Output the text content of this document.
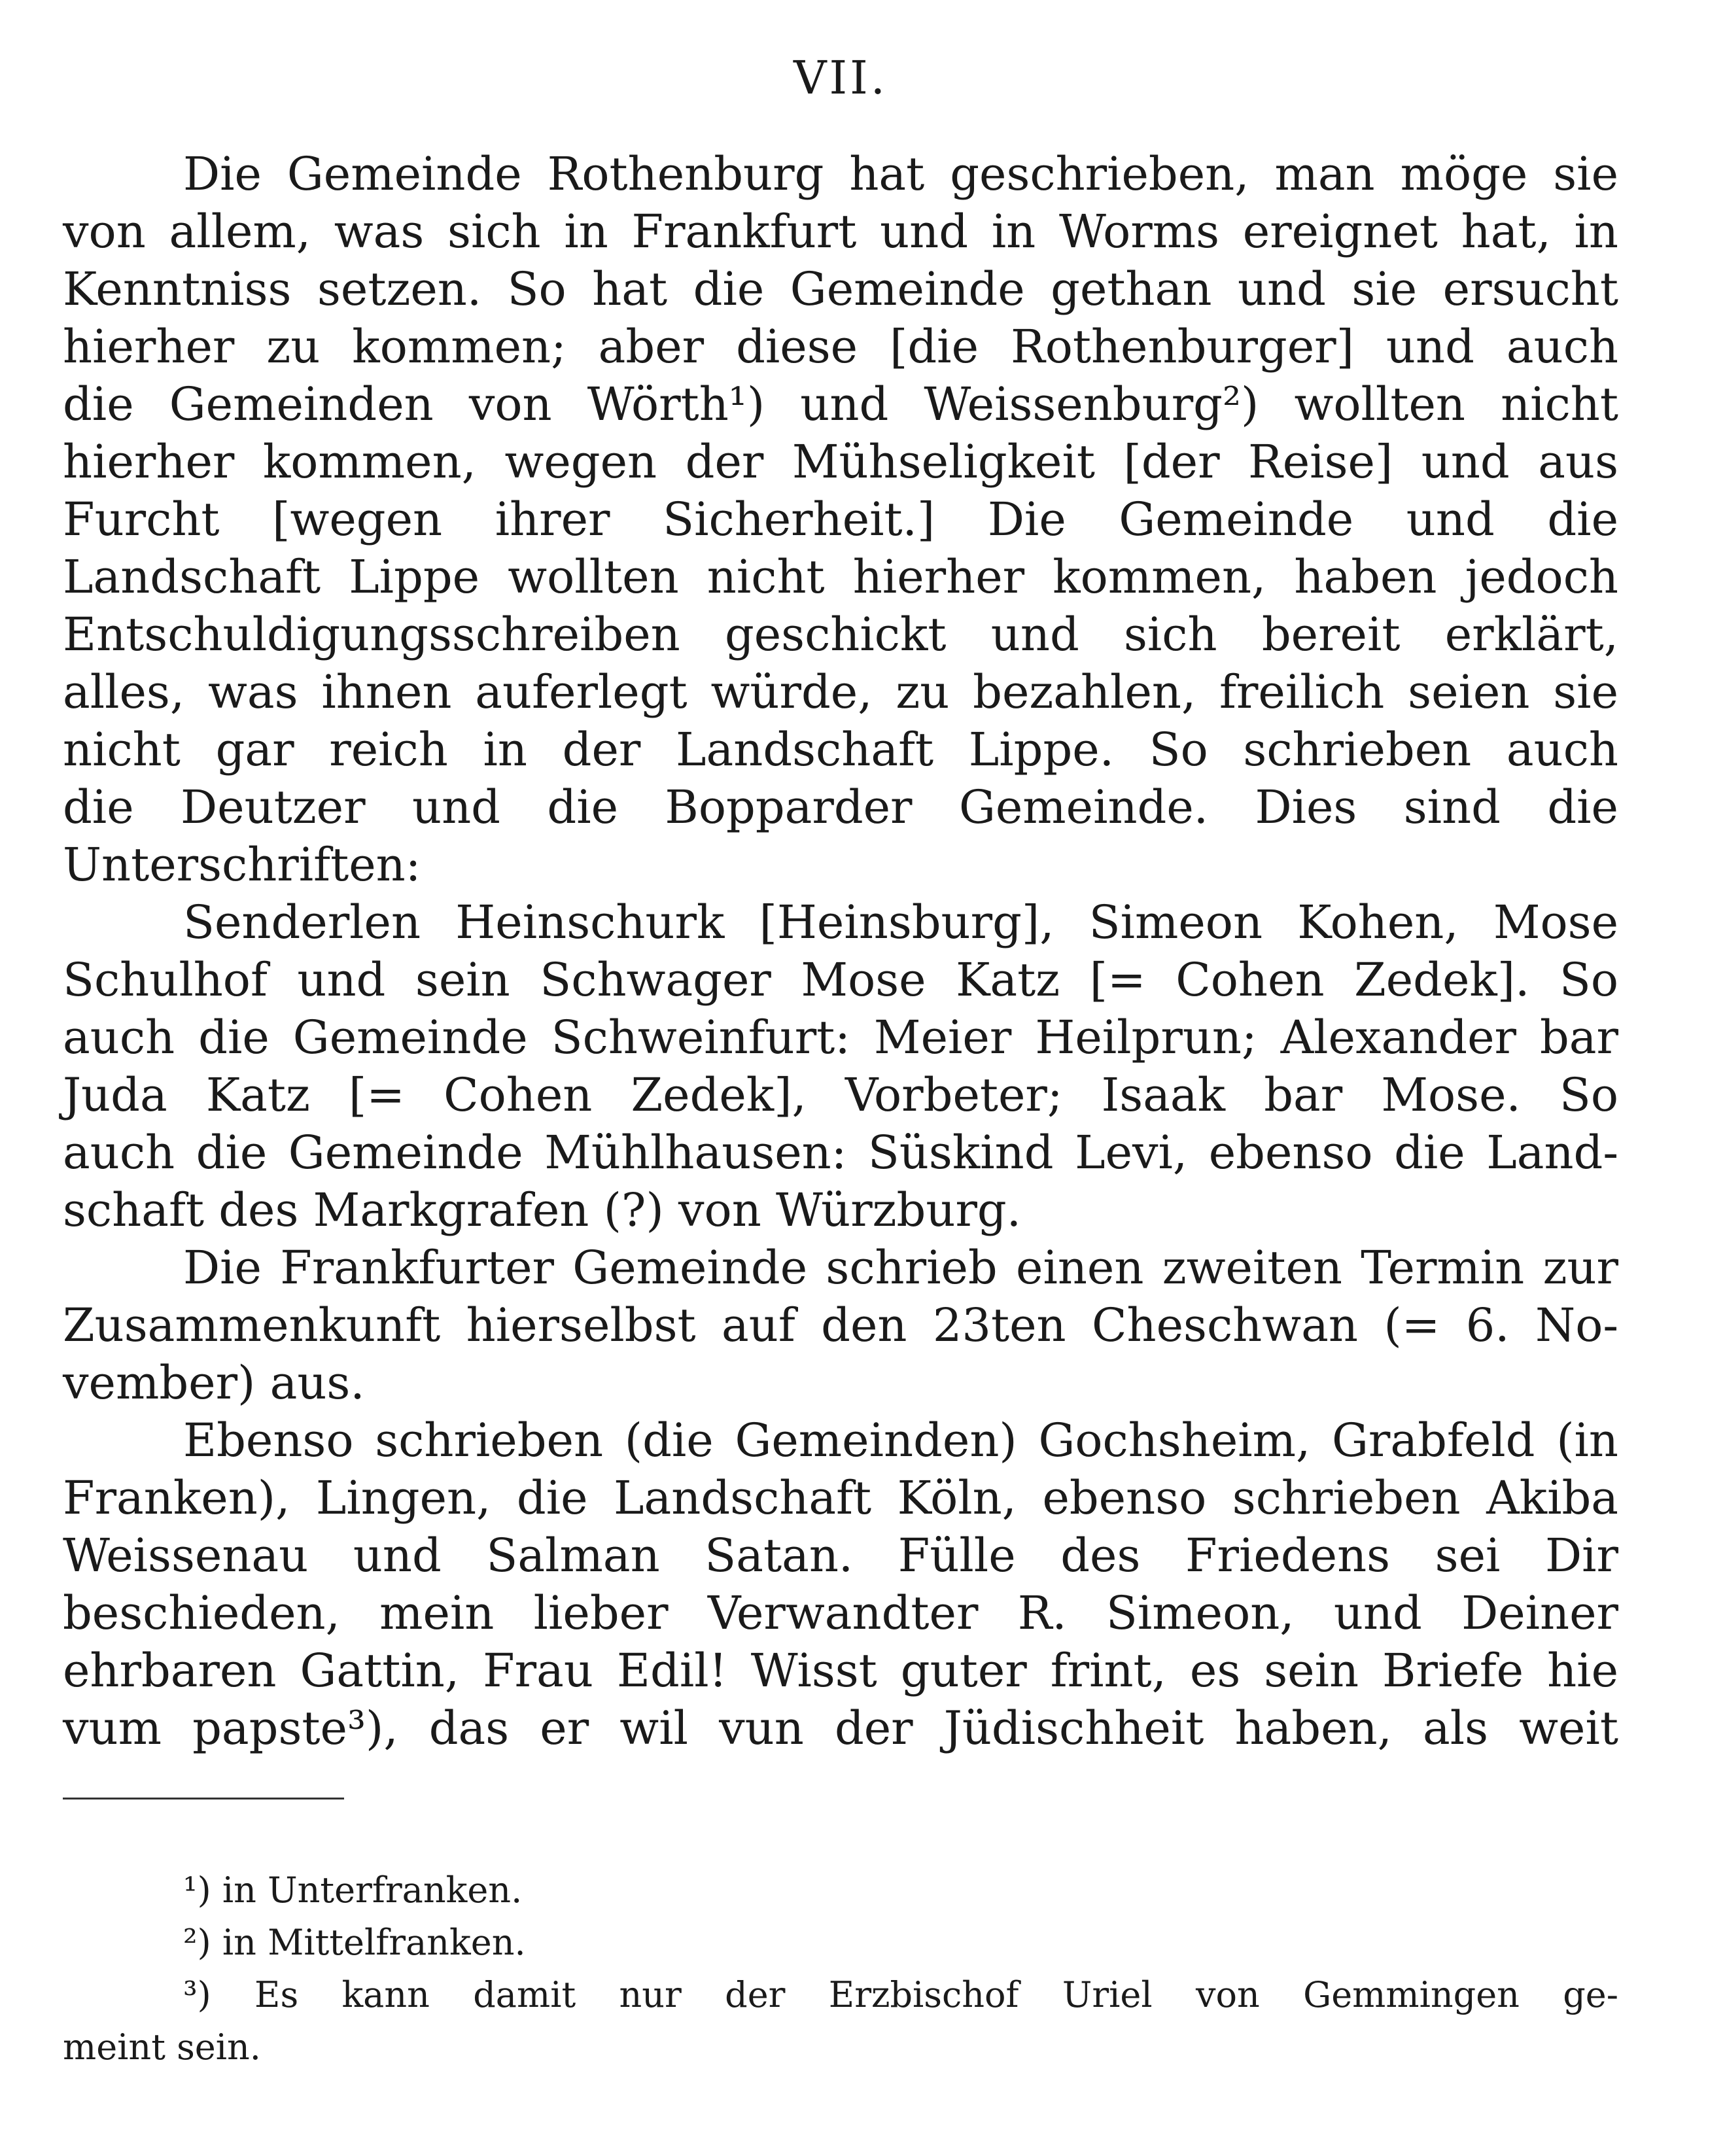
VII.
Die Gemeinde Rothenburg hat geschrieben, man möge sie
von allem, was sich in Frankfurt und in Worms ereignet hat, in
Kenntniss setzen. So hat die Gemeinde gethan und sie ersucht
hierher zu kommen; aber diese [die Rothenburger] und auch
die Gemeinden von Wörth¹) und Weissenburg²) wollten nicht
hierher kommen, wegen der Mühseligkeit [der Reise] und aus
Furcht [wegen ihrer Sicherheit.] Die Gemeinde und die
Landschaft Lippe wollten nicht hierher kommen, haben jedoch
Entschuldigungsschreiben geschickt und sich bereit erklärt,
alles, was ihnen auferlegt würde, zu bezahlen, freilich seien sie
nicht gar reich in der Landschaft Lippe. So schrieben auch
die Deutzer und die Bopparder Gemeinde. Dies sind die
Unterschriften:
Senderlen Heinschurk [Heinsburg], Simeon Kohen, Mose
Schulhof und sein Schwager Mose Katz [= Cohen Zedek]. So
auch die Gemeinde Schweinfurt: Meier Heilprun; Alexander bar
Juda Katz [= Cohen Zedek], Vorbeter; Isaak bar Mose. So
auch die Gemeinde Mühlhausen: Süskind Levi, ebenso die Land-
schaft des Markgrafen (?) von Würzburg.
Die Frankfurter Gemeinde schrieb einen zweiten Termin zur
Zusammenkunft hierselbst auf den 23ten Cheschwan (= 6. No-
vember) aus.
Ebenso schrieben (die Gemeinden) Gochsheim, Grabfeld (in
Franken), Lingen, die Landschaft Köln, ebenso schrieben Akiba
Weissenau und Salman Satan. Fülle des Friedens sei Dir
beschieden, mein lieber Verwandter R. Simeon, und Deiner
ehrbaren Gattin, Frau Edil! Wisst guter frint, es sein Briefe hie
vum papste³), das er wil vun der Jüdischheit haben, als weit
¹) in Unterfranken.
²) in Mittelfranken.
³) Es kann damit nur der Erzbischof Uriel von Gemmingen ge-
meint sein.
